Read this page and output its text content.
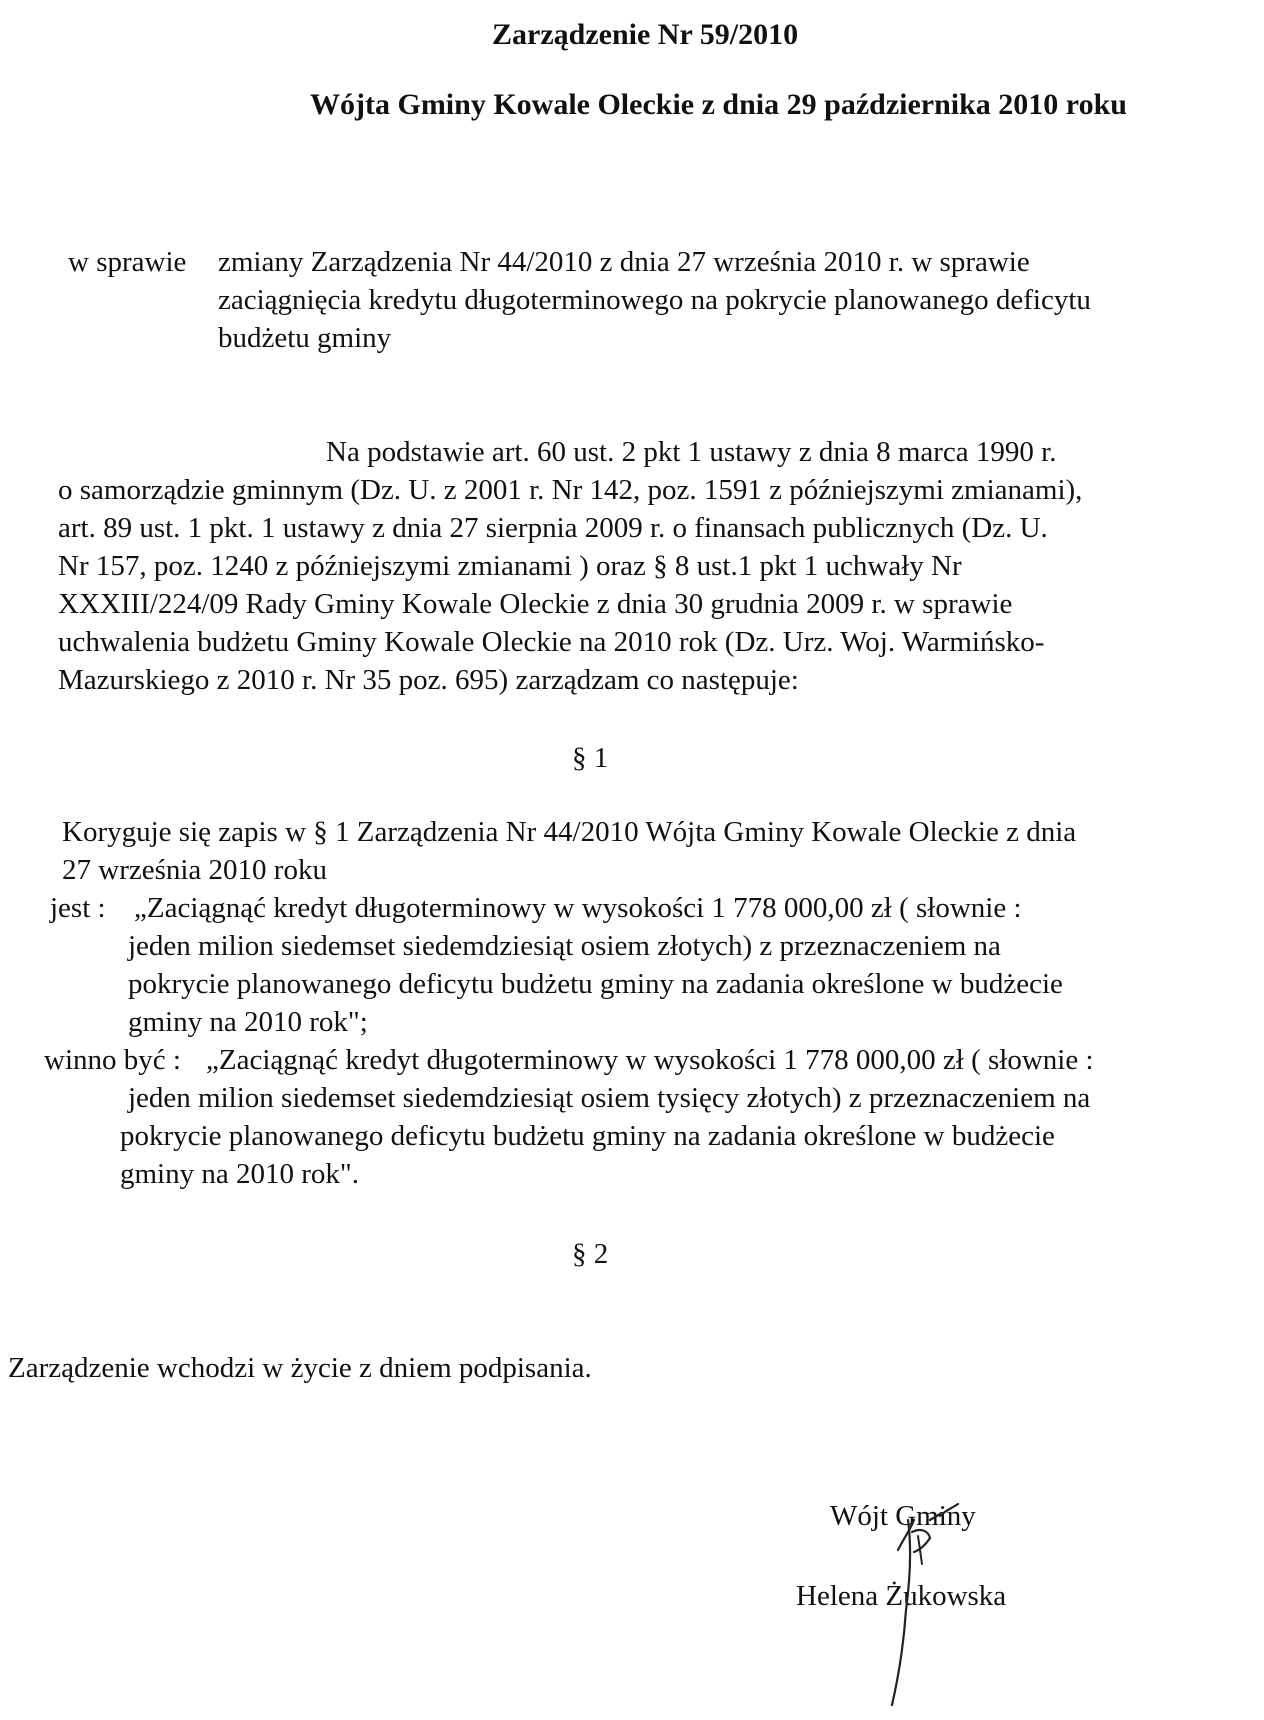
Zarządzenie Nr 59/2010
Wójta Gminy Kowale Oleckie z dnia 29 października 2010 roku
w sprawie zmiany Zarządzenia Nr 44/2010 z dnia 27 września 2010 r. w sprawie
zaciągnięcia kredytu długoterminowego na pokrycie planowanego deficytu
budżetu gminy
Na podstawie art. 60 ust. 2 pkt 1 ustawy z dnia 8 marca 1990 r.
o samorządzie gminnym (Dz. U. z 2001 r. Nr 142, poz. 1591 z późniejszymi zmianami),
art. 89 ust. 1 pkt. 1 ustawy z dnia 27 sierpnia 2009 r. o finansach publicznych (Dz. U.
Nr 157, poz. 1240 z późniejszymi zmianami ) oraz § 8 ust.1 pkt 1 uchwały Nr
XXXIII/224/09 Rady Gminy Kowale Oleckie z dnia 30 grudnia 2009 r. w sprawie
uchwalenia budżetu Gminy Kowale Oleckie na 2010 rok (Dz. Urz. Woj. Warmińsko-
Mazurskiego z 2010 r. Nr 35 poz. 695) zarządzam co następuje:
§ 1
Koryguje się zapis w § 1 Zarządzenia Nr 44/2010 Wójta Gminy Kowale Oleckie z dnia
27 września 2010 roku
jest : „Zaciągnąć kredyt długoterminowy w wysokości 1 778 000,00 zł ( słownie :
jeden milion siedemset siedemdziesiąt osiem złotych) z przeznaczeniem na
pokrycie planowanego deficytu budżetu gminy na zadania określone w budżecie
gminy na 2010 rok";
winno być : „Zaciągnąć kredyt długoterminowy w wysokości 1 778 000,00 zł ( słownie :
jeden milion siedemset siedemdziesiąt osiem tysięcy złotych) z przeznaczeniem na
pokrycie planowanego deficytu budżetu gminy na zadania określone w budżecie
gminy na 2010 rok".
§ 2
Zarządzenie wchodzi w życie z dniem podpisania.
Wójt Gminy
Helena Żukowska
